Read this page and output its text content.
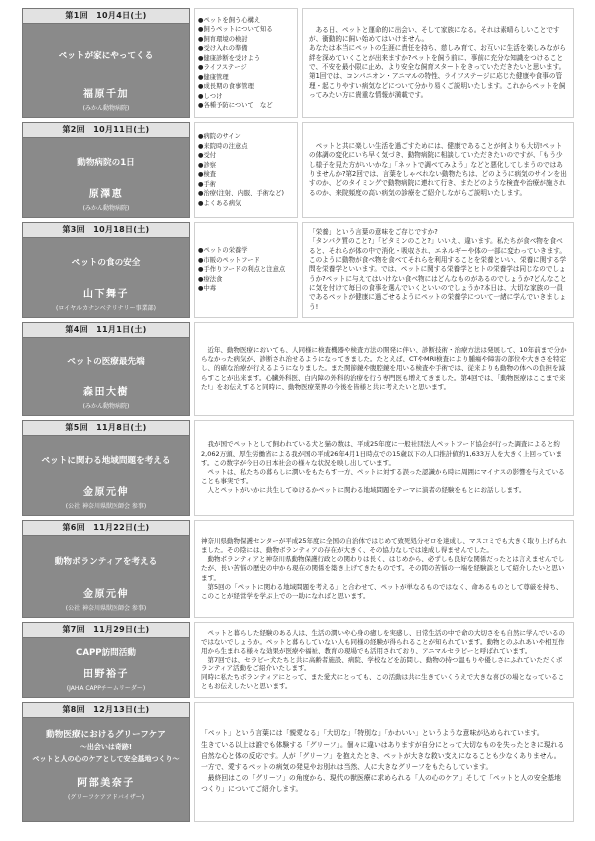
第1回　10月4日(土)
ペットが家にやってくる
福原千加
(みかん動物病院)
● ペットを飼う心構え
● 飼うペットについて知る
● 飼育環境の検討
● 受け入れの準備
● 健康診断を受けよう
● ライフステージ
● 健康管理
● 成長期の食事管理
● しつけ
● 各種予防について　など

ある日、ペットと運命的に出会い、そして家族になる。それは素晴らしいことですが、衝動的に飼い始めてはいけません。

あなたは本当にペットの生涯に責任を持ち、慈しみ育て、お互いに生活を楽しみながら絆を深めていくことが出来ますか?ペットを飼う前に、事前に充分な知識をつけることで、不安を最小限に止め、より安全な飼育スタートをきっていただきたいと思います。第1回では、コンパニオン・アニマルの特性、ライフステージに応じた健康や食事の管理・起こりやすい病気などについて分かり易くご説明いたします。これからペットを飼ってみたい方に貴重な情報が満載です。

第2回　10月11日(土)
動物病院の1日
原澤恵
(みかん動物病院)
● 病院のサイン
● 来院時の注意点
● 受付
● 診察
● 検査
● 手術
● 治療(注射、内服、手術など)
● よくある病気

ペットと共に楽しい生活を過ごすためには、健康であることが何よりも大切!ペットの体調の変化にいち早く気づき、動物病院に相談していただきたいのですが、「もう少し様子を見た方がいいかな」「ネットで調べてみよう」などと悪化してしまうのではありませんか?第2回では、言葉をしゃべれない動物たちは、どのように病気のサインを出すのか、どのタイミングで動物病院に連れて行き、またどのような検査や治療が施されるのか、来院頻度の高い病気の診療をご紹介しながらご説明いたします。

第3回　10月18日(土)
ペットの食の安全
山下舞子
(ロイヤルカナンベテリナリー事業部)
● ペットの栄養学
● 市販のペットフード
● 手作りフードの利点と注意点
● 療法食
● 中毒

「栄養」という言葉の意味をご存じですか?

「タンパク質のこと?」「ビタミンのこと?」いいえ、違います。私たちが食べ物を食べると、それらが体の中で消化・吸収され、エネルギーや体の一部に変わっていきます。このように動物が食べ物を食べてそれらを利用することを栄養といい、栄養に関する学問を栄養学といいます。では、ペットに関する栄養学とヒトの栄養学は同じなのでしょうか?ペットに与えてはいけない食べ物にはどんなものがあるのでしょうか?どんなことに気を付けて毎日の食事を選んでいくといいのでしょうか?本日は、大切な家族の一員であるペットが健康に過ごせるようにペットの栄養学について一緒に学んでいきましょう!

第4回　11月1日(土)
ペットの医療最先端
森田大樹
(みかん動物病院)

近年、動物医療においても、人同様に検査機器や検査方法の開発に伴い、診断技術・治療方法は発展して、10年前まで分からなかった病気が、診断され治せるようになってきました。たとえば、CTやMRI検査により腫瘍や障害の部位や大きさを特定し、的確な治療が行えるようになりました。また関節鏡や腹腔鏡を用いる検査や手術では、従来よりも動物の体への負担を減らすことが出来ます。心臓外科医、白内障の外科的治療を行う専門医も増えてきました。第4回では、「動物医療はここまで来た!」をお伝えすると同時に、動物医療業界の今後を皆様と共に考えたいと思います。

第5回　11月8日(土)
ペットに関わる地域問題を考える
金原元伸
(公社 神奈川県獣医師会 参事)

我が国でペットとして飼われている犬と猫の数は、平成25年度に一般社団法人ペットフード協会が行った調査によると約2,062万頭、厚生労働省による我が国の平成26年4月1日時点での15歳以下の人口推計値約1,633万人を大きく上回っています。この数字が今日の日本社会の様々な状況を映し出しています。

ペットは、私たちの暮らしに潤いをもたらす一方、ペットに対する誤った認識から時に周囲にマイナスの影響を与えていることも事実です。

人とペットがいかに共生してゆけるかペットに関わる地域問題をテーマに演者の経験をもとにお話しします。

第6回　11月22日(土)
動物ボランティアを考える
金原元伸
(公社 神奈川県獣医師会 参事)

神奈川県動物保護センターが平成25年度に全国の自治体ではじめて致死処分ゼロを達成し、マスコミでも大きく取り上げられました。その陰には、動物ボランティアの存在が大きく、その協力なしでは達成し得ませんでした。

動物ボランティアと神奈川県動物保護行政との関わりは長く、はじめから、必ずしも良好な関係だったとは言えませんでしたが、長い苦悩の歴史の中から現在の関係を築き上げてきたものです。その間の苦悩の一端を経験談として紹介したいと思います。

第5回の「ペットに関わる地域問題を考える」と合わせて、ペットが単なるものではなく、命あるものとして尊厳を持ち、このことが経営学を学ぶ上での一助になればと思います。

第7回　11月29日(土)
CAPP訪問活動
田野裕子
(JAHA CAPPチームリーダー)

ペットと暮らした経験のある人は、生活の潤いや心身の癒しを実感し、日常生活の中で命の大切さをも自然に学んでいるのではないでしょうか。ペットと暮らしていない人も同様の経験が得られることが知られています。動物とのふれあいや相互作用から生まれる様々な効果が医療や福祉、教育の現場でも活用されており、アニマルセラピーと呼ばれています。

第7回では、セラピー犬たちと共に高齢者施設、病院、学校などを訪問し、動物の持つ温もりや優しさにふれていただくボランティア活動をご紹介いたします。

同時に私たちボランティアにとって、また愛犬にとっても、この活動は共に生きていくうえで大きな喜びの場となっていることもお伝えしたいと思います。

第8回　12月13日(土)
動物医療におけるグリーフケア
〜出会いは奇跡!
ペットと人の心のケアとして安全基地つくり〜
阿部美奈子
(グリーフケアアドバイザー)

「ペット」という言葉には「親愛なる」「大切な」「特別な」「かわいい」というような意味が込められています。

生きている以上は誰でも体験する「グリーフ」。個々に違いはありますが自分にとって大切なものを失ったときに現れる自然な心と体の反応です。人が「グリーフ」を抱えたとき、ペットが大きな救い支えになることも少なくありません。一方で、愛するペットの病気の発見やお別れは当然、人に大きなグリーフをもたらしています。

最終回はこの「グリーフ」の角度から、現代の獣医療に求められる「人の心のケア」そして「ペットと人の安全基地つくり」についてご紹介します。
